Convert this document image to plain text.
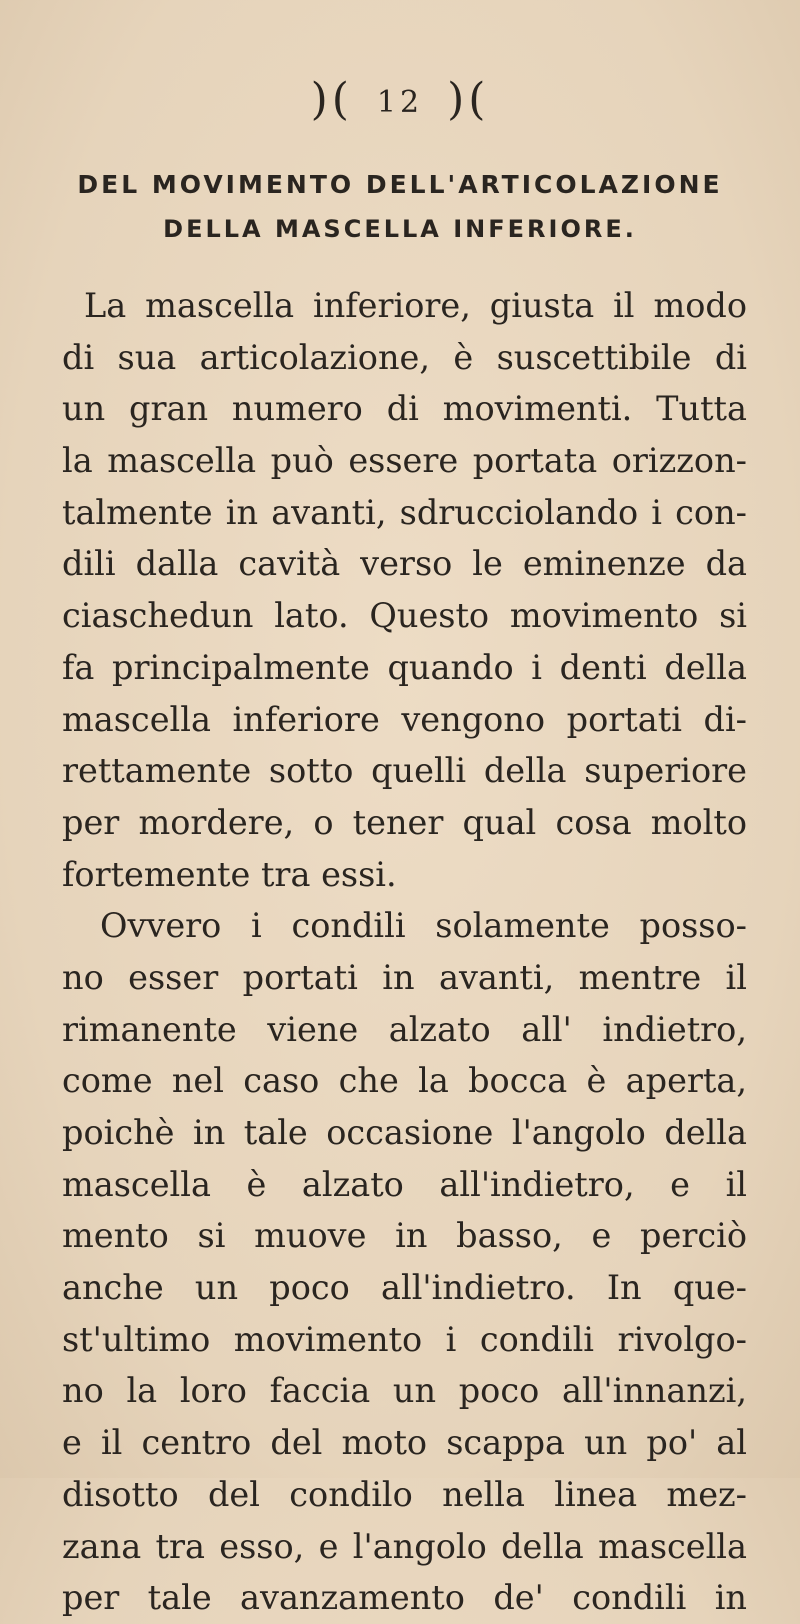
)( 12 )(
DEL MOVIMENTO DELL'ARTICOLAZIONE
DELLA MASCELLA INFERIORE.
La mascella inferiore, giusta il modo
di sua articolazione, è suscettibile di
un gran numero di movimenti. Tutta
la mascella può essere portata orizzon-
talmente in avanti, sdrucciolando i con-
dili dalla cavità verso le eminenze da
ciaschedun lato. Questo movimento si
fa principalmente quando i denti della
mascella inferiore vengono portati di-
rettamente sotto quelli della superiore
per mordere, o tener qual cosa molto
fortemente tra essi.
Ovvero i condili solamente posso-
no esser portati in avanti, mentre il
rimanente viene alzato all' indietro,
come nel caso che la bocca è aperta,
poichè in tale occasione l'angolo della
mascella è alzato all'indietro, e il
mento si muove in basso, e perciò
anche un poco all'indietro. In que-
st'ultimo movimento i condili rivolgo-
no la loro faccia un poco all'innanzi,
e il centro del moto scappa un po' al
disotto del condilo nella linea mez-
zana tra esso, e l'angolo della mascella
per tale avanzamento de' condili in
